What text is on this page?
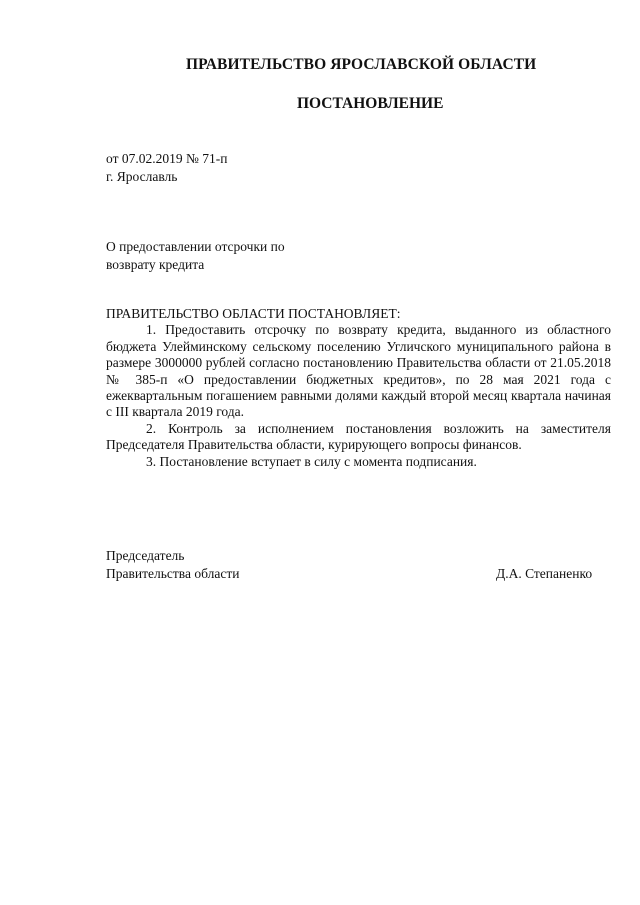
ПРАВИТЕЛЬСТВО ЯРОСЛАВСКОЙ ОБЛАСТИ
ПОСТАНОВЛЕНИЕ
от 07.02.2019 № 71-п
г. Ярославль
О предоставлении отсрочки по
возврату кредита
ПРАВИТЕЛЬСТВО ОБЛАСТИ ПОСТАНОВЛЯЕТ:

1. Предоставить отсрочку по возврату кредита, выданного из областного бюджета Улейминскому сельскому поселению Угличского муниципального района в размере 3000000 рублей согласно постановлению Правительства области от 21.05.2018 № 385-п «О предоставлении бюджетных кредитов», по 28 мая 2021 года с ежеквартальным погашением равными долями каждый второй месяц квартала начиная с III квартала 2019 года.

2. Контроль за исполнением постановления возложить на заместителя Председателя Правительства области, курирующего вопросы финансов.

3. Постановление вступает в силу с момента подписания.

Председатель
Правительства области	Д.А. Степаненко
